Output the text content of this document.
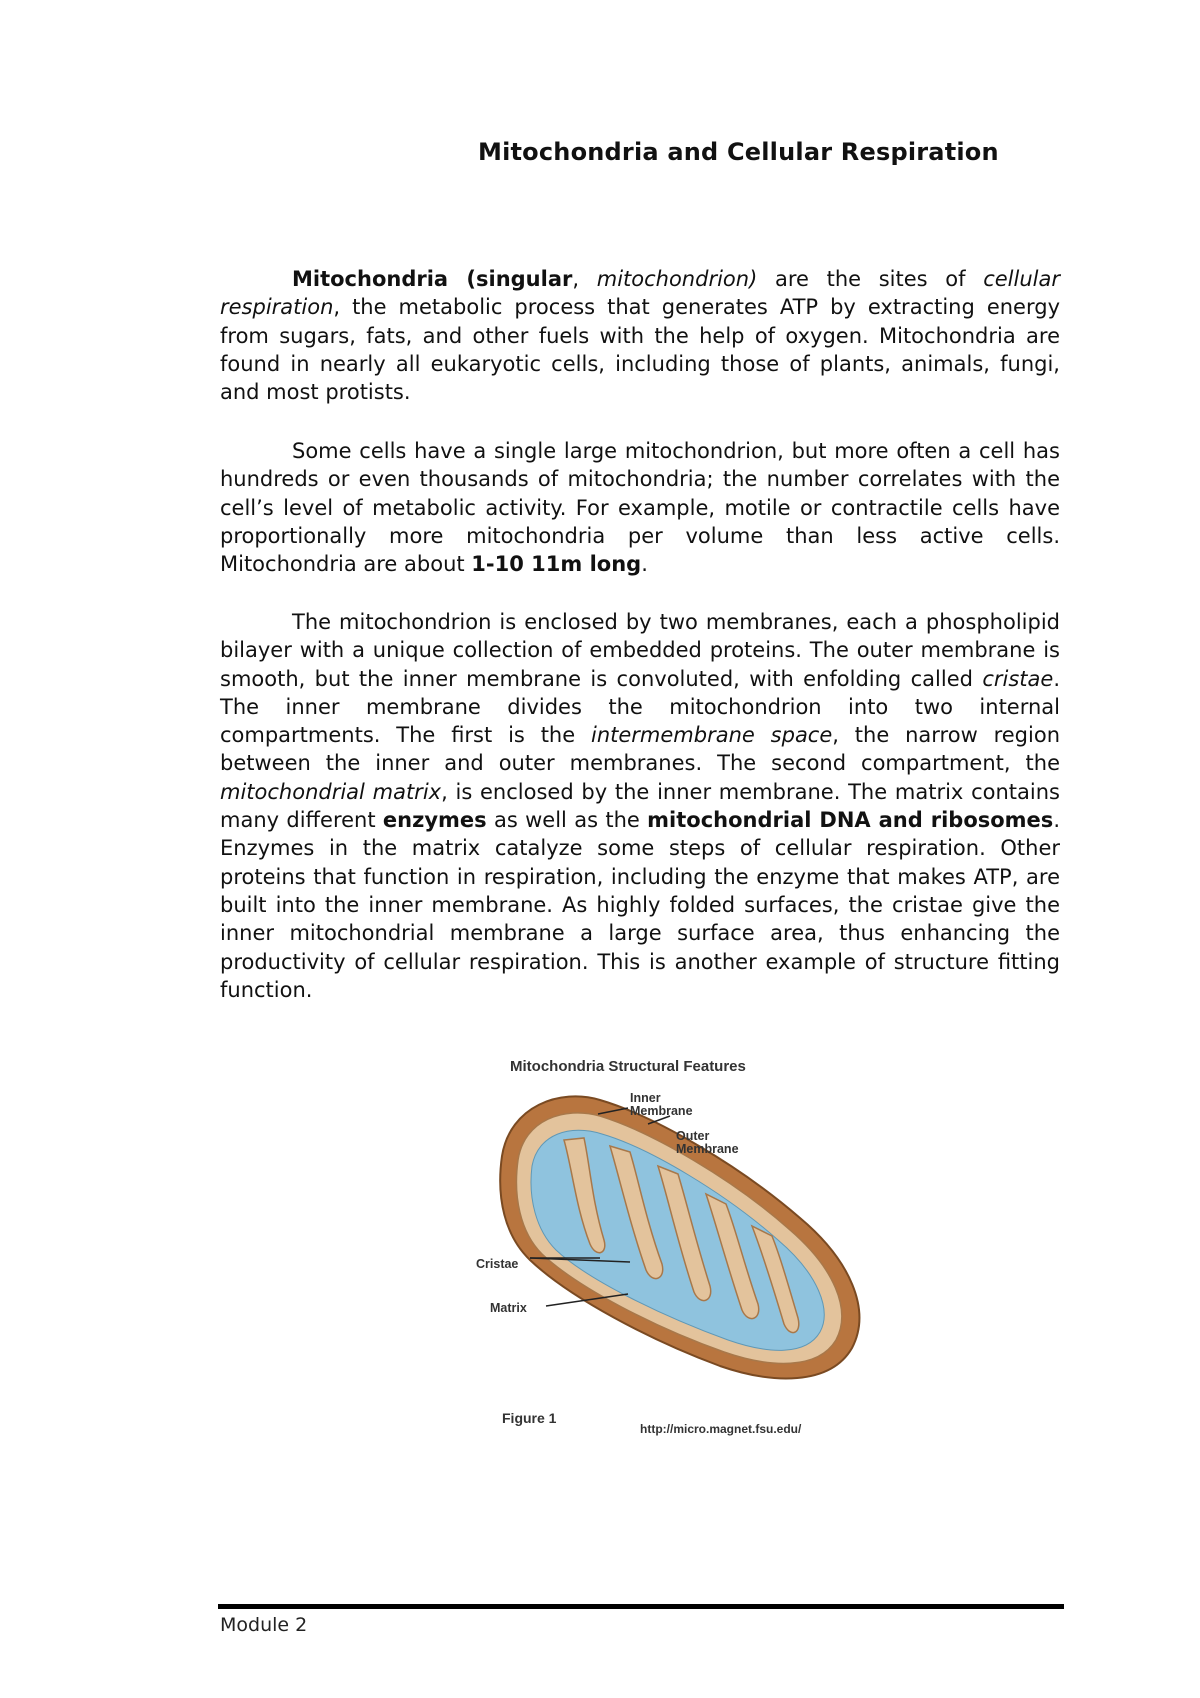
Mitochondria and Cellular Respiration

Mitochondria (singular, mitochondrion) are the sites of cellular respiration, the metabolic process that generates ATP by extracting energy from sugars, fats, and other fuels with the help of oxygen. Mitochondria are found in nearly all eukaryotic cells, including those of plants, animals, fungi, and most protists.

Some cells have a single large mitochondrion, but more often a cell has hundreds or even thousands of mitochondria; the number correlates with the cell’s level of metabolic activity. For example, motile or contractile cells have proportionally more mitochondria per volume than less active cells. Mitochondria are about 1-10 11m long.

The mitochondrion is enclosed by two membranes, each a phospholipid bilayer with a unique collection of embedded proteins. The outer membrane is smooth, but the inner membrane is convoluted, with enfolding called cristae. The inner membrane divides the mitochondrion into two internal compartments. The first is the intermembrane space, the narrow region between the inner and outer membranes. The second compartment, the mitochondrial matrix, is enclosed by the inner membrane. The matrix contains many different enzymes as well as the mitochondrial DNA and ribosomes. Enzymes in the matrix catalyze some steps of cellular respiration. Other proteins that function in respiration, including the enzyme that makes ATP, are built into the inner membrane. As highly folded surfaces, the cristae give the inner mitochondrial membrane a large surface area, thus enhancing the productivity of cellular respiration. This is another example of structure fitting function.

Mitochondria Structural Features
Inner
Membrane
Outer
Membrane
Cristae
Matrix
Figure 1
http://micro.magnet.fsu.edu/
Module 2
